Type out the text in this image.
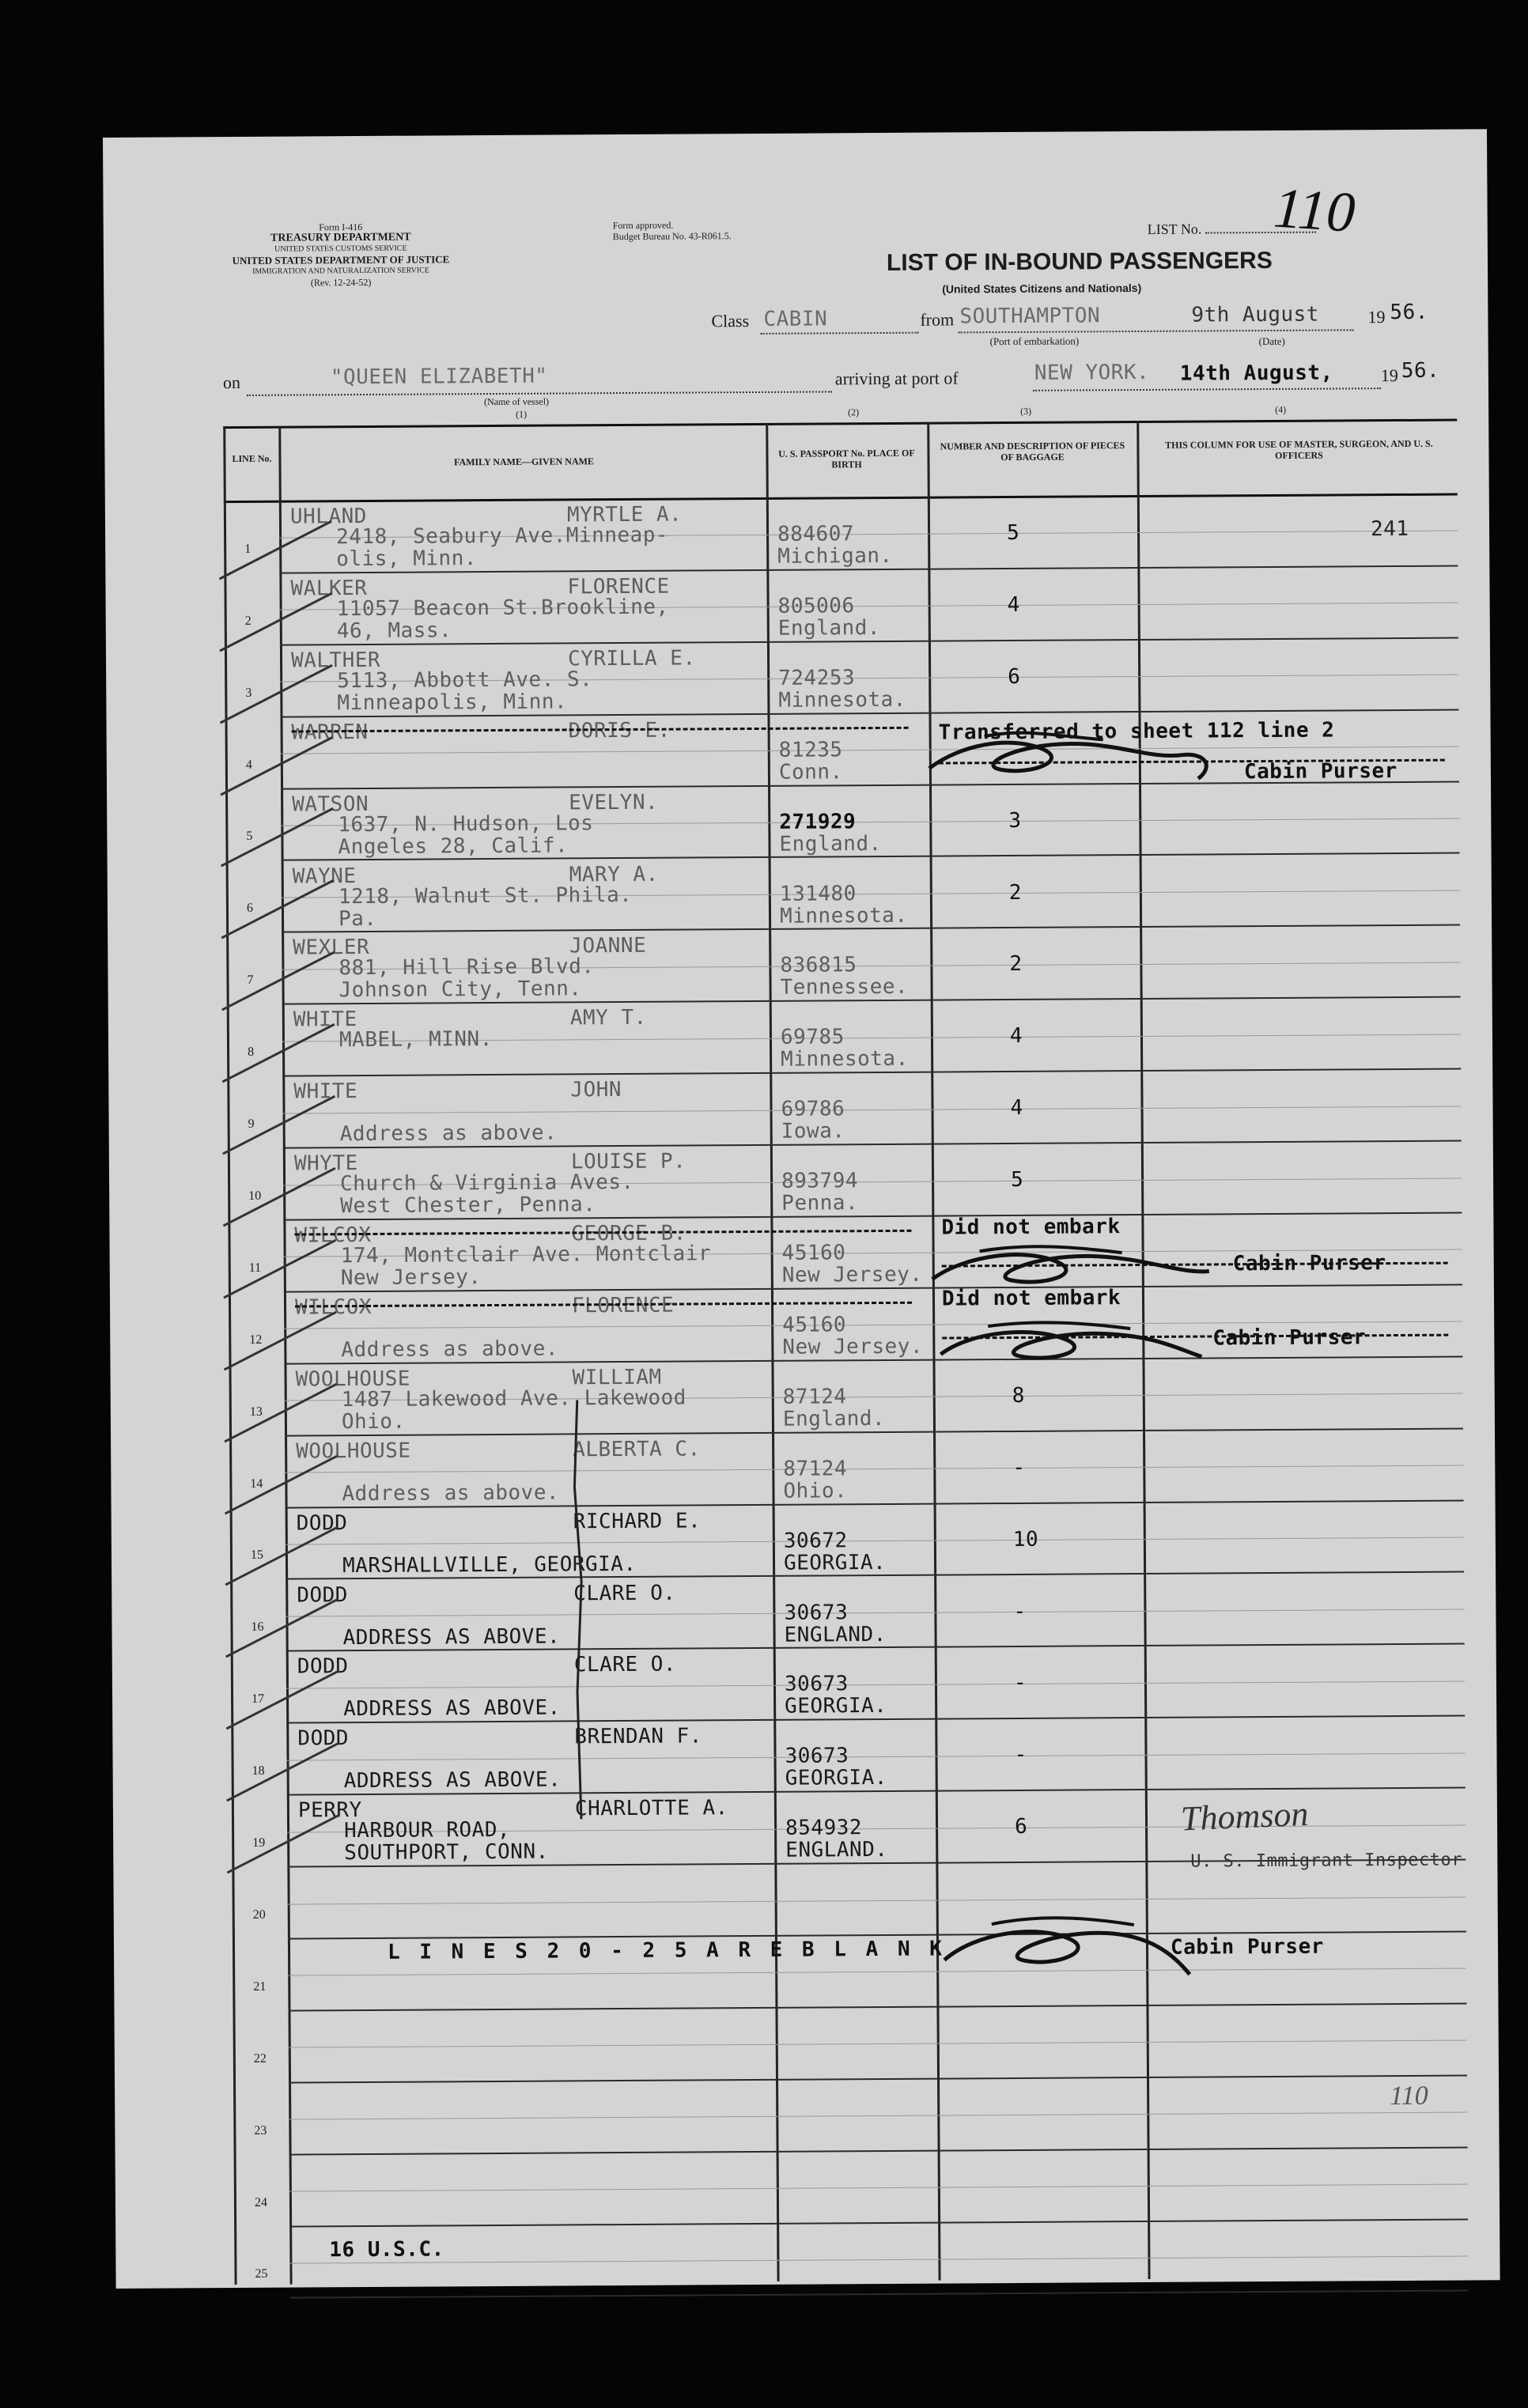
Form I-416
TREASURY DEPARTMENT
UNITED STATES CUSTOMS SERVICE
UNITED STATES DEPARTMENT OF JUSTICE
IMMIGRATION AND NATURALIZATION SERVICE
(Rev. 12-24-52)
Form approved.
Budget Bureau No. 43-R061.5.	LIST No.	110
LIST OF IN-BOUND PASSENGERS
(United States Citizens and Nationals)
Class CABIN	from SOUTHAMPTON	9th August	19 56.
(Port of embarkation)	(Date)
on	"QUEEN ELIZABETH"
(Name of vessel)
(1)
arriving at port of	NEW YORK. 14th August,	19 56.
(2)	(3)	(4)
LINE No.	FAMILY NAME—GIVEN NAME
U. S. PASSPORT No. PLACE OF BIRTH
NUMBER AND DESCRIPTION OF PIECES OF BAGGAGE
THIS COLUMN FOR USE OF MASTER, SURGEON, AND U. S. OFFICERS
1
UHLAND	MYRTLE A.
2418, Seabury Ave.Minneap-
olis, Minn.
884607
Michigan.
5	241
2
WALKER	FLORENCE
11057 Beacon St.Brookline,
46, Mass.
805006
England.
4
3
WALTHER	CYRILLA E.
5113, Abbott Ave. S.
Minneapolis, Minn.
724253
Minnesota.
6
4
WARREN	DORIS E.
81235
Conn.
5
WATSON	EVELYN.
1637, N. Hudson, Los
Angeles 28, Calif.
271929
England.
3
6
WAYNE	MARY A.
1218, Walnut St. Phila.
Pa.
131480
Minnesota.
2
7
WEXLER	JOANNE
881, Hill Rise Blvd.
Johnson City, Tenn.
836815
Tennessee.
2
8
WHITE	AMY T.
MABEL, MINN.	69785
Minnesota.
4
9
WHITE	JOHN
Address as above.
69786
Iowa.
4
10
WHYTE	LOUISE P.
Church & Virginia Aves.
West Chester, Penna.
893794
Penna.
5
11
WILCOX	GEORGE B.
174, Montclair Ave. Montclair
New Jersey.
45160
New Jersey.
12
WILCOX	FLORENCE
Address as above.
45160
New Jersey.
13
WOOLHOUSE	WILLIAM
1487 Lakewood Ave. Lakewood
Ohio.
87124
England.
8
14
WOOLHOUSE	ALBERTA C.
Address as above.
87124
Ohio.
-
15
DODD	RICHARD E.
MARSHALLVILLE, GEORGIA.
30672
GEORGIA.
10
16
DODD	CLARE O.
ADDRESS AS ABOVE.
30673
ENGLAND.
-
17
DODD	CLARE O.
ADDRESS AS ABOVE.
30673
GEORGIA.
-
18
DODD	BRENDAN F.
ADDRESS AS ABOVE.
30673
GEORGIA.
-
19
PERRY	CHARLOTTE A.
HARBOUR ROAD,
SOUTHPORT, CONN.
854932
ENGLAND.
6
20
21
22
23
24
25
Transferred to sheet 112 line 2
Cabin Purser
Did not embark
Cabin Purser
Did not embark
Cabin Purser
L I N E S 2 0 - 2 5 A R E B L A N K	Cabin Purser
Thomson
U. S. Immigrant Inspector
110
16 U.S.C.
